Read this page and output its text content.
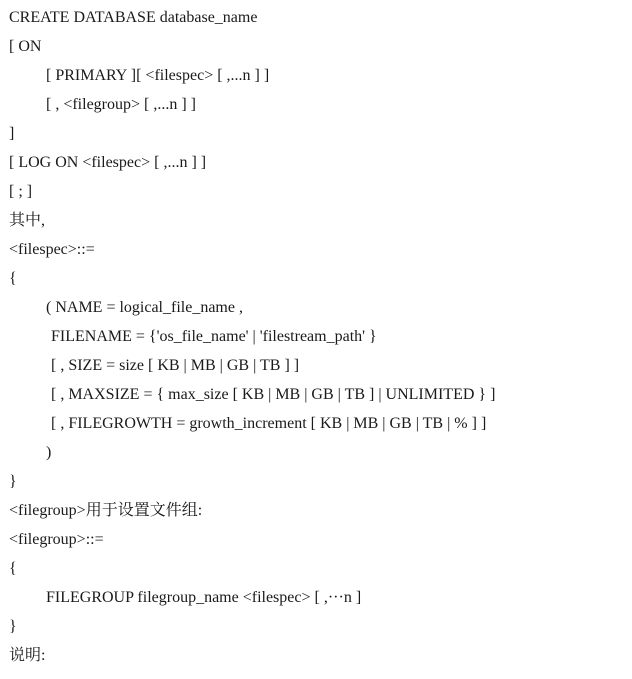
CREATE DATABASE database_name
[ ON
[ PRIMARY ][ <filespec> [ ,...n ] ]
[ , <filegroup> [ ,...n ] ]
]
[ LOG ON <filespec> [ ,...n ] ]
[ ; ]
其中,
<filespec>::=
{
( NAME = logical_file_name ,
FILENAME = {'os_file_name' | 'filestream_path' }
[ , SIZE = size [ KB | MB | GB | TB ] ]
[ , MAXSIZE = { max_size [ KB | MB | GB | TB ] | UNLIMITED } ]
[ , FILEGROWTH = growth_increment [ KB | MB | GB | TB | % ] ]
)
}
<filegroup>用于设置文件组:
<filegroup>::=
{
FILEGROUP filegroup_name <filespec> [ ,···n ]
}
说明:
